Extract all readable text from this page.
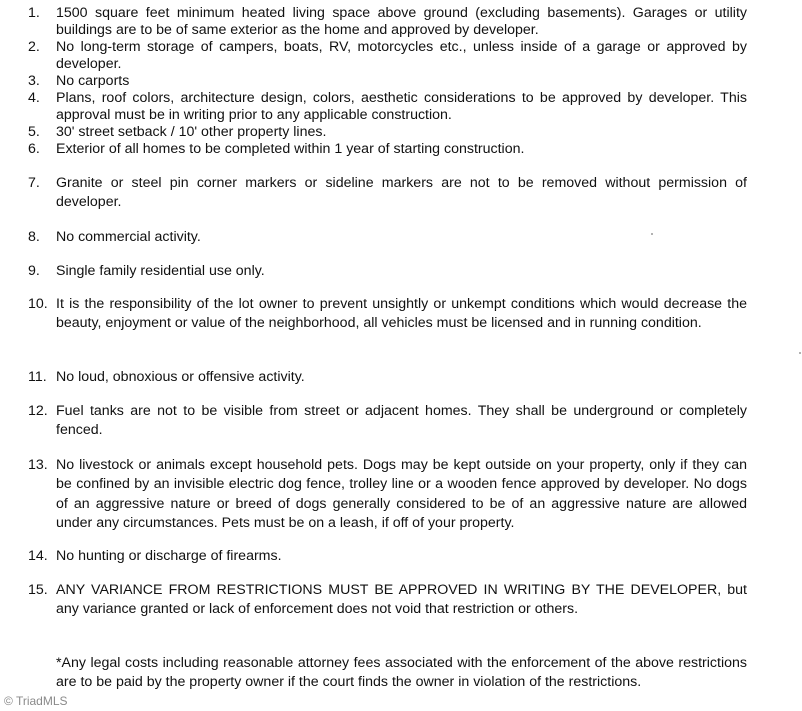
1.	1500 square feet minimum heated living space above ground (excluding basements). Garages or utility buildings are to be of same exterior as the home and approved by developer.
2.	No long-term storage of campers, boats, RV, motorcycles etc., unless inside of a garage or approved by developer.
3.	No carports
4.	Plans, roof colors, architecture design, colors, aesthetic considerations to be approved by developer. This approval must be in writing prior to any applicable construction.
5.	30' street setback / 10' other property lines.
6.	Exterior of all homes to be completed within 1 year of starting construction.
7.	Granite or steel pin corner markers or sideline markers are not to be removed without permission of developer.
8.	No commercial activity.
9.	Single family residential use only.
10. It is the responsibility of the lot owner to prevent unsightly or unkempt conditions which would decrease the beauty, enjoyment or value of the neighborhood, all vehicles must be licensed and in running condition.
11. No loud, obnoxious or offensive activity.
12. Fuel tanks are not to be visible from street or adjacent homes. They shall be underground or completely fenced.
13. No livestock or animals except household pets. Dogs may be kept outside on your property, only if they can be confined by an invisible electric dog fence, trolley line or a wooden fence approved by developer. No dogs of an aggressive nature or breed of dogs generally considered to be of an aggressive nature are allowed under any circumstances. Pets must be on a leash, if off of your property.
14. No hunting or discharge of firearms.
15. ANY VARIANCE FROM RESTRICTIONS MUST BE APPROVED IN WRITING BY THE DEVELOPER, but any variance granted or lack of enforcement does not void that restriction or others.
*Any legal costs including reasonable attorney fees associated with the enforcement of the above restrictions are to be paid by the property owner if the court finds the owner in violation of the restrictions.
© TriadMLS
